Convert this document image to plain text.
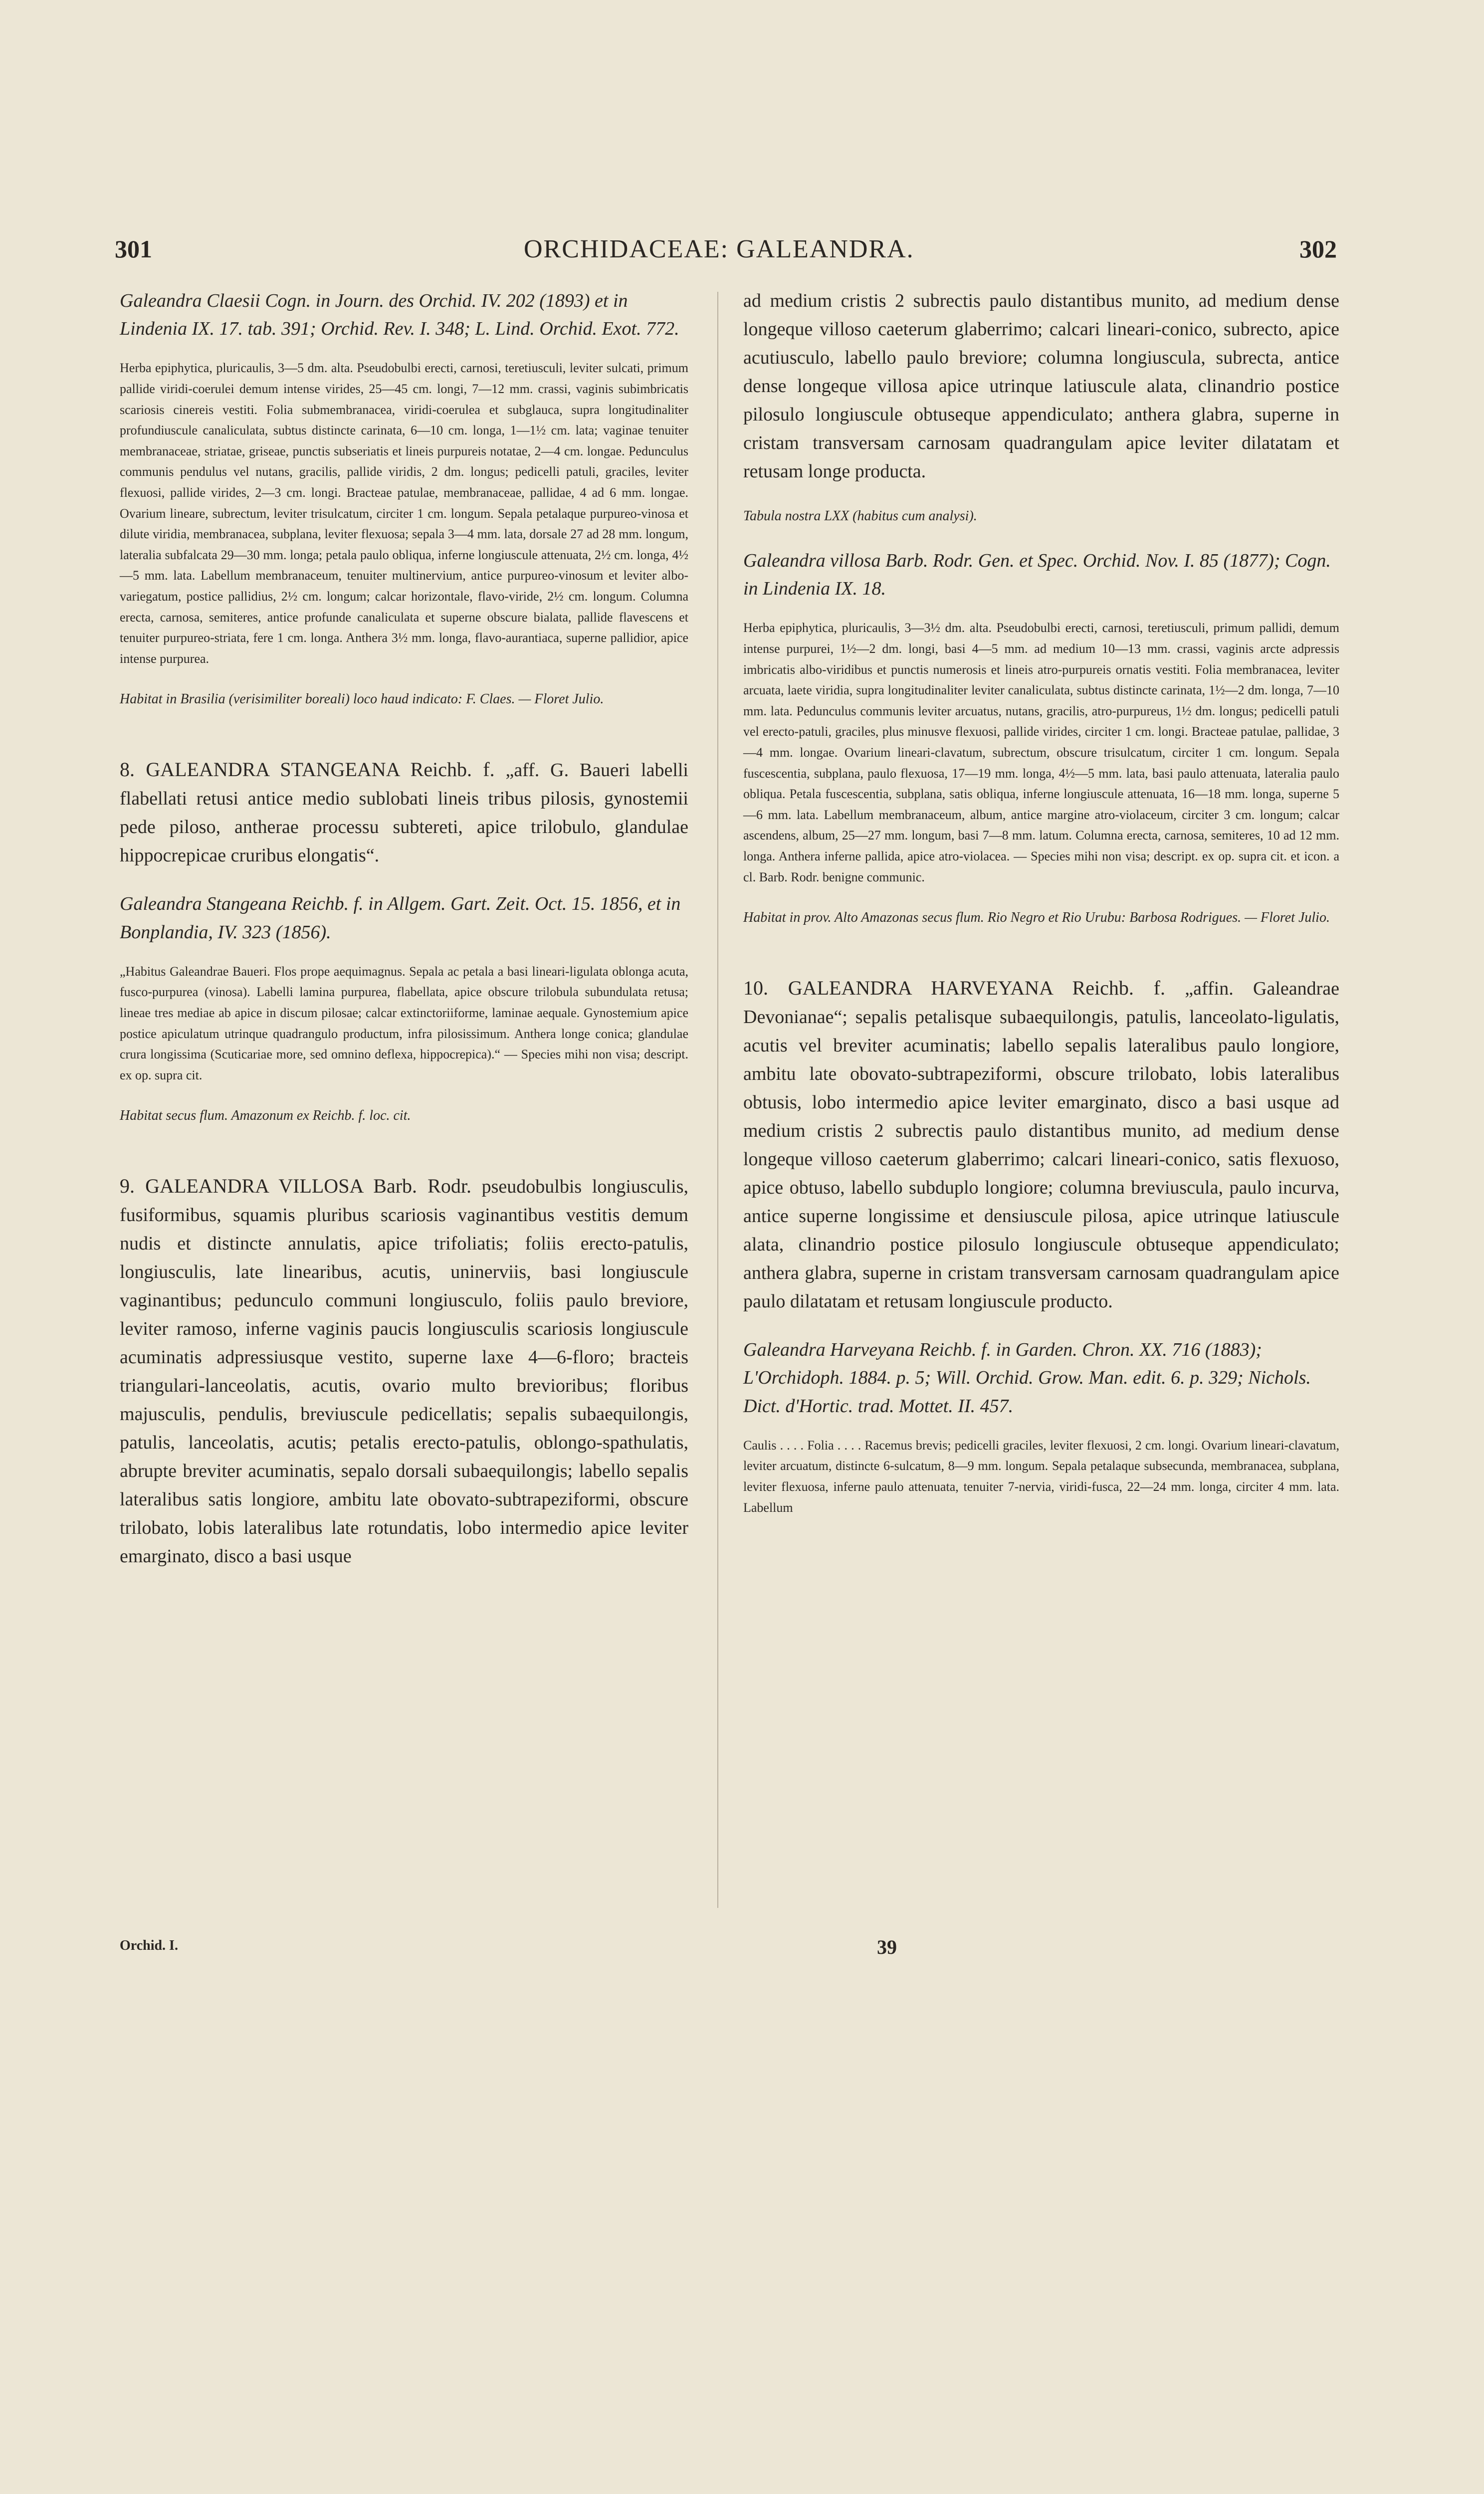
301	ORCHIDACEAE: GALEANDRA.	302

Galeandra Claesii Cogn. in Journ. des Orchid. IV. 202 (1893) et in Lindenia IX. 17. tab. 391; Orchid. Rev. I. 348; L. Lind. Orchid. Exot. 772.

Herba epiphytica, pluricaulis, 3—5 dm. alta. Pseudobulbi erecti, carnosi, teretiusculi, leviter sulcati, primum pallide viridi-coerulei demum intense virides, 25—45 cm. longi, 7—12 mm. crassi, vaginis subimbricatis scariosis cinereis vestiti. Folia submembranacea, viridi-coerulea et subglauca, supra longitudinaliter profundiuscule canaliculata, subtus distincte carinata, 6—10 cm. longa, 1—1½ cm. lata; vaginae tenuiter membranaceae, striatae, griseae, punctis subseriatis et lineis purpureis notatae, 2—4 cm. longae. Pedunculus communis pendulus vel nutans, gracilis, pallide viridis, 2 dm. longus; pedicelli patuli, graciles, leviter flexuosi, pallide virides, 2—3 cm. longi. Bracteae patulae, membranaceae, pallidae, 4 ad 6 mm. longae. Ovarium lineare, subrectum, leviter trisulcatum, circiter 1 cm. longum. Sepala petalaque purpureo-vinosa et dilute viridia, membranacea, subplana, leviter flexuosa; sepala 3—4 mm. lata, dorsale 27 ad 28 mm. longum, lateralia subfalcata 29—30 mm. longa; petala paulo obliqua, inferne longiuscule attenuata, 2½ cm. longa, 4½—5 mm. lata. Labellum membranaceum, tenuiter multinervium, antice purpureo-vinosum et leviter albo-variegatum, postice pallidius, 2½ cm. longum; calcar horizontale, flavo-viride, 2½ cm. longum. Columna erecta, carnosa, semiteres, antice profunde canaliculata et superne obscure bialata, pallide flavescens et tenuiter purpureo-striata, fere 1 cm. longa. Anthera 3½ mm. longa, flavo-aurantiaca, superne pallidior, apice intense purpurea.

Habitat in Brasilia (verisimiliter boreali) loco haud indicato: F. Claes. — Floret Julio.

8. GALEANDRA STANGEANA Reichb. f. „aff. G. Baueri labelli flabellati retusi antice medio sublobati lineis tribus pilosis, gynostemii pede piloso, antherae processu subtereti, apice trilobulo, glandulae hippocrepicae cruribus elongatis“.

Galeandra Stangeana Reichb. f. in Allgem. Gart. Zeit. Oct. 15. 1856, et in Bonplandia, IV. 323 (1856).

„Habitus Galeandrae Baueri. Flos prope aequimagnus. Sepala ac petala a basi lineari-ligulata oblonga acuta, fusco-purpurea (vinosa). Labelli lamina purpurea, flabellata, apice obscure trilobula subundulata retusa; lineae tres mediae ab apice in discum pilosae; calcar extinctoriiforme, laminae aequale. Gynostemium apice postice apiculatum utrinque quadrangulo productum, infra pilosissimum. Anthera longe conica; glandulae crura longissima (Scuticariae more, sed omnino deflexa, hippocrepica).“ — Species mihi non visa; descript. ex op. supra cit.

Habitat secus flum. Amazonum ex Reichb. f. loc. cit.

9. GALEANDRA VILLOSA Barb. Rodr. pseudobulbis longiusculis, fusiformibus, squamis pluribus scariosis vaginantibus vestitis demum nudis et distincte annulatis, apice trifoliatis; foliis erecto-patulis, longiusculis, late linearibus, acutis, uninerviis, basi longiuscule vaginantibus; pedunculo communi longiusculo, foliis paulo breviore, leviter ramoso, inferne vaginis paucis longiusculis scariosis longiuscule acuminatis adpressiusque vestito, superne laxe 4—6-floro; bracteis triangulari-lanceolatis, acutis, ovario multo brevioribus; floribus majusculis, pendulis, breviuscule pedicellatis; sepalis subaequilongis, patulis, lanceolatis, acutis; petalis erecto-patulis, oblongo-spathulatis, abrupte breviter acuminatis, sepalo dorsali subaequilongis; labello sepalis lateralibus satis longiore, ambitu late obovato-subtrapeziformi, obscure trilobato, lobis lateralibus late rotundatis, lobo intermedio apice leviter emarginato, disco a basi usque

ad medium cristis 2 subrectis paulo distantibus munito, ad medium dense longeque villoso caeterum glaberrimo; calcari lineari-conico, subrecto, apice acutiusculo, labello paulo breviore; columna longiuscula, subrecta, antice dense longeque villosa apice utrinque latiuscule alata, clinandrio postice pilosulo longiuscule obtuseque appendiculato; anthera glabra, superne in cristam transversam carnosam quadrangulam apice leviter dilatatam et retusam longe producta.

Tabula nostra LXX (habitus cum analysi).

Galeandra villosa Barb. Rodr. Gen. et Spec. Orchid. Nov. I. 85 (1877); Cogn. in Lindenia IX. 18.

Herba epiphytica, pluricaulis, 3—3½ dm. alta. Pseudobulbi erecti, carnosi, teretiusculi, primum pallidi, demum intense purpurei, 1½—2 dm. longi, basi 4—5 mm. ad medium 10—13 mm. crassi, vaginis arcte adpressis imbricatis albo-viridibus et punctis numerosis et lineis atro-purpureis ornatis vestiti. Folia membranacea, leviter arcuata, laete viridia, supra longitudinaliter leviter canaliculata, subtus distincte carinata, 1½—2 dm. longa, 7—10 mm. lata. Pedunculus communis leviter arcuatus, nutans, gracilis, atro-purpureus, 1½ dm. longus; pedicelli patuli vel erecto-patuli, graciles, plus minusve flexuosi, pallide virides, circiter 1 cm. longi. Bracteae patulae, pallidae, 3—4 mm. longae. Ovarium lineari-clavatum, subrectum, obscure trisulcatum, circiter 1 cm. longum. Sepala fuscescentia, subplana, paulo flexuosa, 17—19 mm. longa, 4½—5 mm. lata, basi paulo attenuata, lateralia paulo obliqua. Petala fuscescentia, subplana, satis obliqua, inferne longiuscule attenuata, 16—18 mm. longa, superne 5—6 mm. lata. Labellum membranaceum, album, antice margine atro-violaceum, circiter 3 cm. longum; calcar ascendens, album, 25—27 mm. longum, basi 7—8 mm. latum. Columna erecta, carnosa, semiteres, 10 ad 12 mm. longa. Anthera inferne pallida, apice atro-violacea. — Species mihi non visa; descript. ex op. supra cit. et icon. a cl. Barb. Rodr. benigne communic.

Habitat in prov. Alto Amazonas secus flum. Rio Negro et Rio Urubu: Barbosa Rodrigues. — Floret Julio.

10. GALEANDRA HARVEYANA Reichb. f. „affin. Galeandrae Devonianae“; sepalis petalisque subaequilongis, patulis, lanceolato-ligulatis, acutis vel breviter acuminatis; labello sepalis lateralibus paulo longiore, ambitu late obovato-subtrapeziformi, obscure trilobato, lobis lateralibus obtusis, lobo intermedio apice leviter emarginato, disco a basi usque ad medium cristis 2 subrectis paulo distantibus munito, ad medium dense longeque villoso caeterum glaberrimo; calcari lineari-conico, satis flexuoso, apice obtuso, labello subduplo longiore; columna breviuscula, paulo incurva, antice superne longissime et densiuscule pilosa, apice utrinque latiuscule alata, clinandrio postice pilosulo longiuscule obtuseque appendiculato; anthera glabra, superne in cristam transversam carnosam quadrangulam apice paulo dilatatam et retusam longiuscule producto.

Galeandra Harveyana Reichb. f. in Garden. Chron. XX. 716 (1883); L'Orchidoph. 1884. p. 5; Will. Orchid. Grow. Man. edit. 6. p. 329; Nichols. Dict. d'Hortic. trad. Mottet. II. 457.

Caulis . . . . Folia . . . . Racemus brevis; pedicelli graciles, leviter flexuosi, 2 cm. longi. Ovarium lineari-clavatum, leviter arcuatum, distincte 6-sulcatum, 8—9 mm. longum. Sepala petalaque subsecunda, membranacea, subplana, leviter flexuosa, inferne paulo attenuata, tenuiter 7-nervia, viridi-fusca, 22—24 mm. longa, circiter 4 mm. lata. Labellum

Orchid. I.	39
